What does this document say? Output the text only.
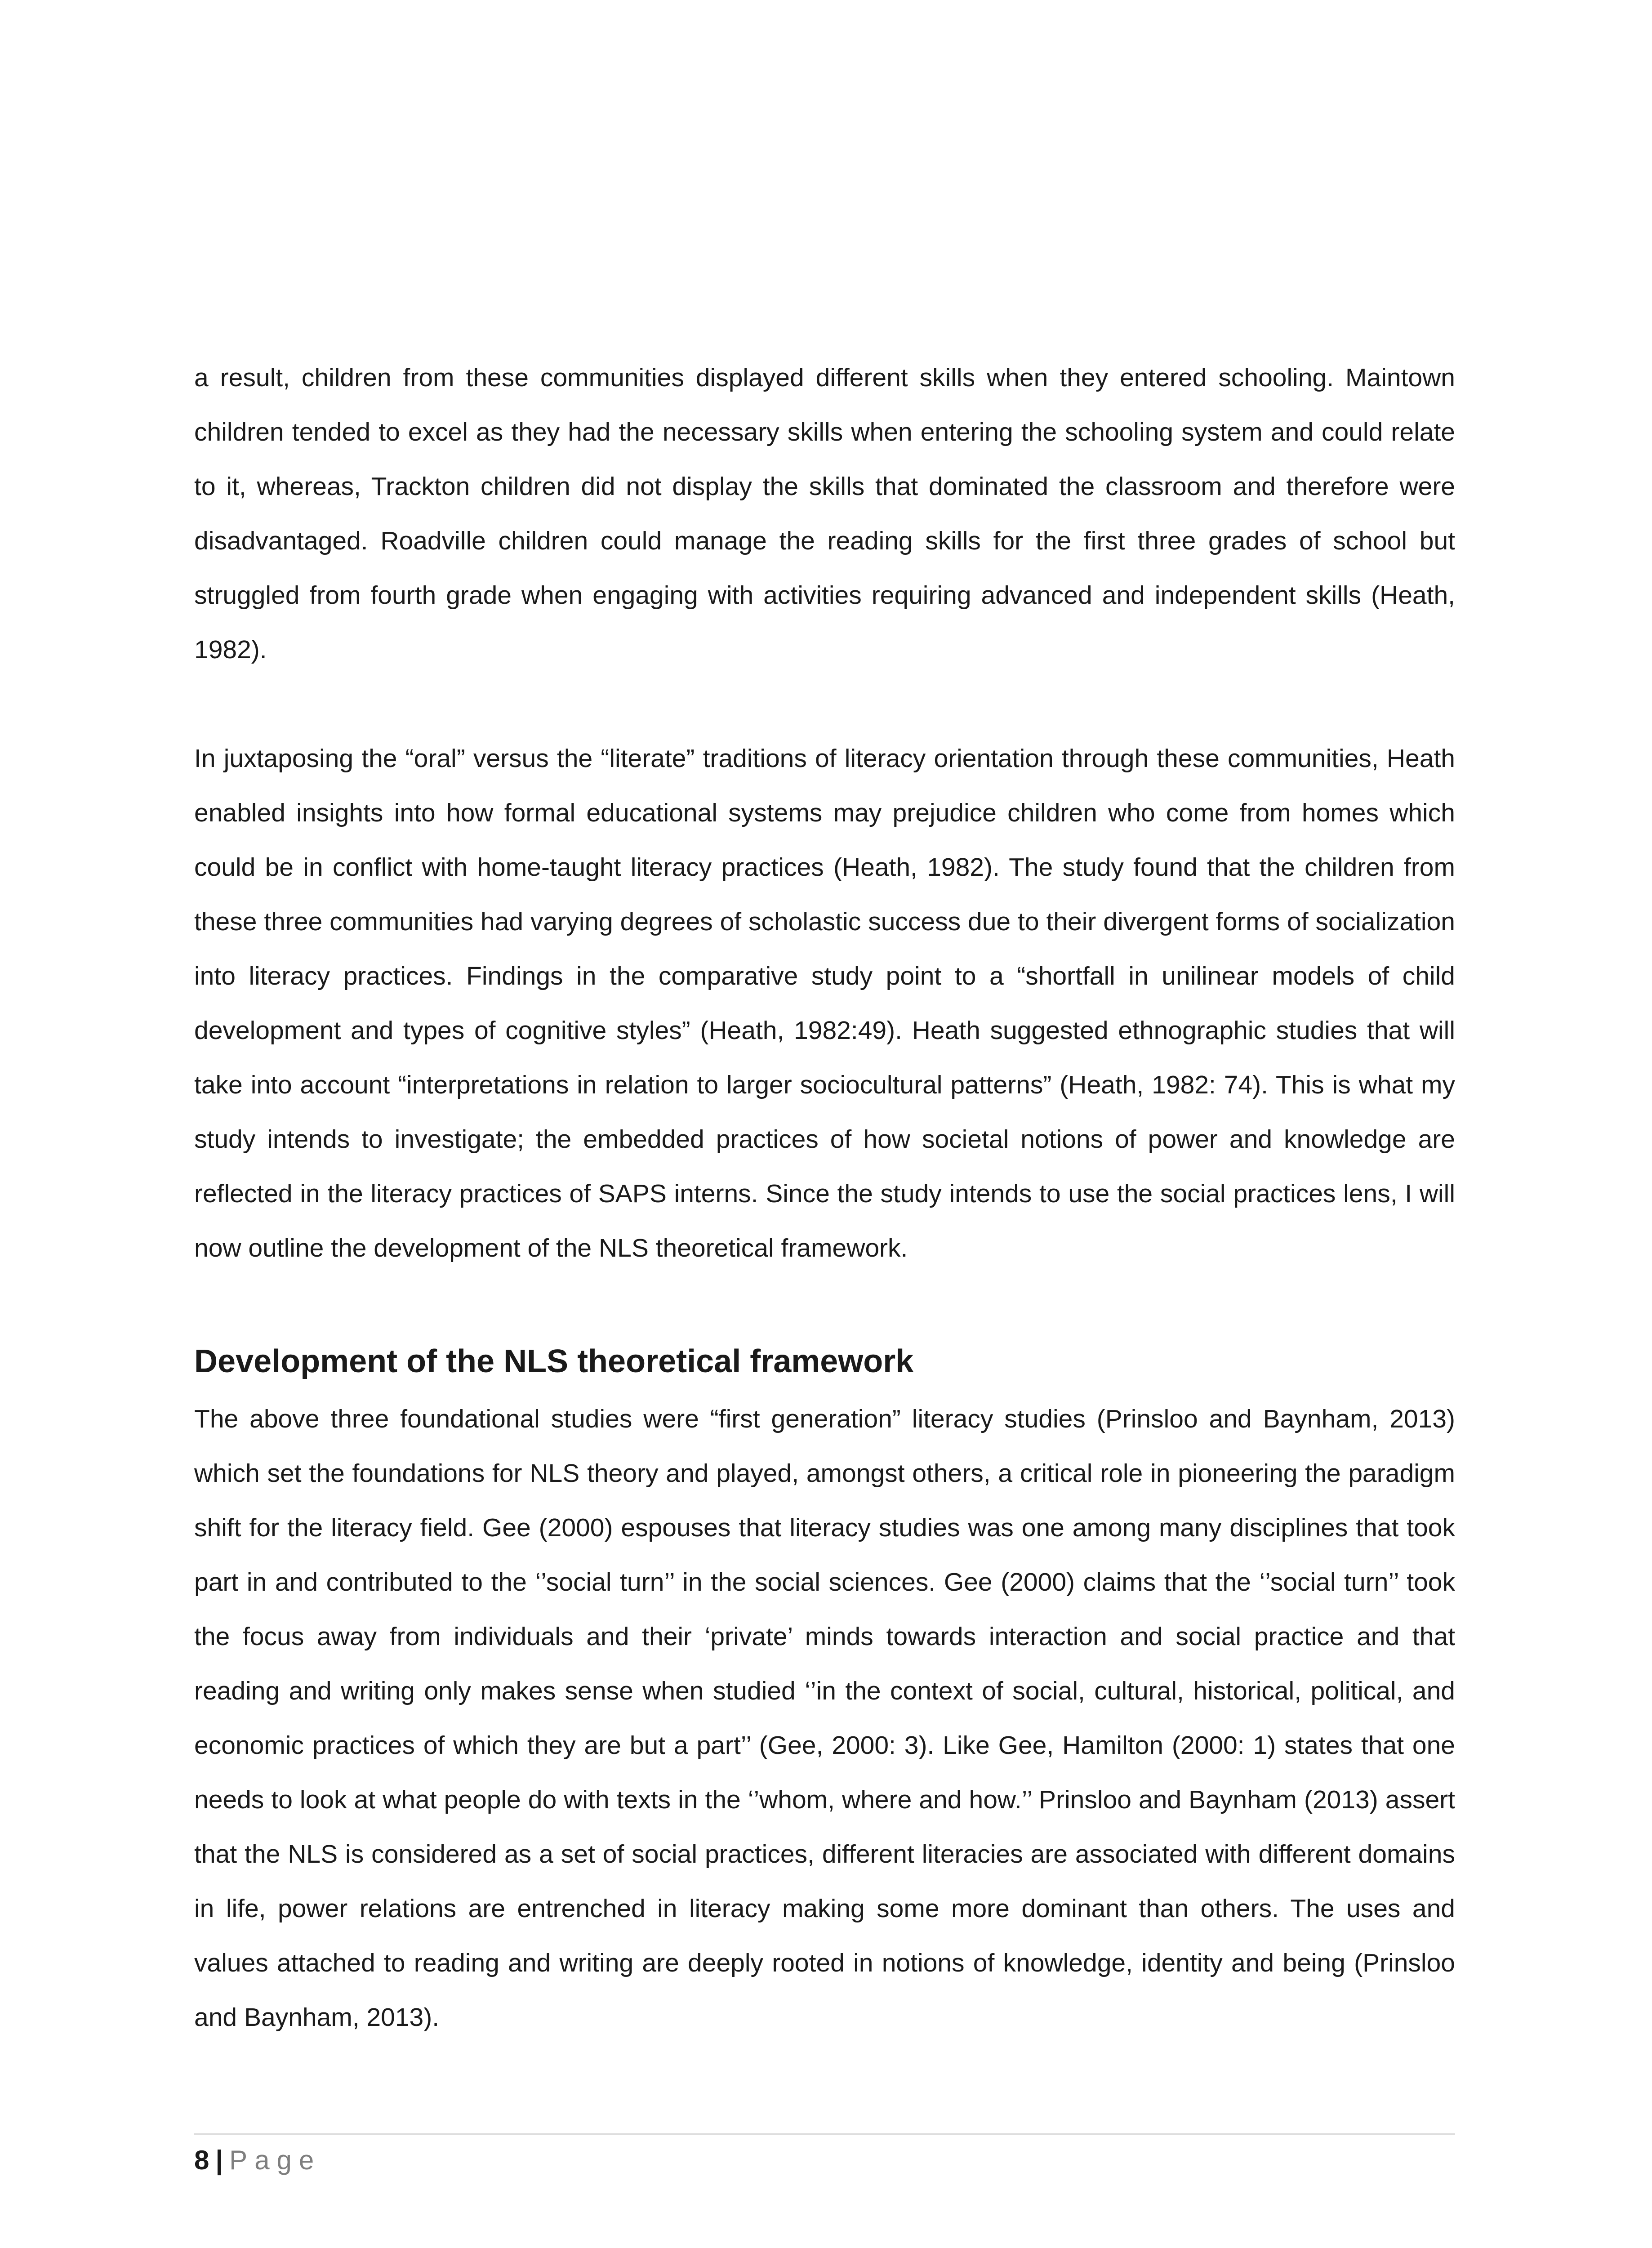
a result, children from these communities displayed different skills when they entered schooling. Maintown children tended to excel as they had the necessary skills when entering the schooling system and could relate to it, whereas, Trackton children did not display the skills that dominated the classroom and therefore were disadvantaged. Roadville children could manage the reading skills for the first three grades of school but struggled from fourth grade when engaging with activities requiring advanced and independent skills (Heath, 1982).

In juxtaposing the “oral” versus the “literate” traditions of literacy orientation through these communities, Heath enabled insights into how formal educational systems may prejudice children who come from homes which could be in conflict with home-taught literacy practices (Heath, 1982). The study found that the children from these three communities had varying degrees of scholastic success due to their divergent forms of socialization into literacy practices. Findings in the comparative study point to a “shortfall in unilinear models of child development and types of cognitive styles” (Heath, 1982:49). Heath suggested ethnographic studies that will take into account “interpretations in relation to larger sociocultural patterns” (Heath, 1982: 74). This is what my study intends to investigate; the embedded practices of how societal notions of power and knowledge are reflected in the literacy practices of SAPS interns. Since the study intends to use the social practices lens, I will now outline the development of the NLS theoretical framework.

Development of the NLS theoretical framework

The above three foundational studies were “first generation” literacy studies (Prinsloo and Baynham, 2013) which set the foundations for NLS theory and played, amongst others, a critical role in pioneering the paradigm shift for the literacy field. Gee (2000) espouses that literacy studies was one among many disciplines that took part in and contributed to the ‘’social turn’’ in the social sciences. Gee (2000) claims that the ‘’social turn’’ took the focus away from individuals and their ‘private’ minds towards interaction and social practice and that reading and writing only makes sense when studied ‘’in the context of social, cultural, historical, political, and economic practices of which they are but a part’’ (Gee, 2000: 3). Like Gee, Hamilton (2000: 1) states that one needs to look at what people do with texts in the ‘’whom, where and how.’’ Prinsloo and Baynham (2013) assert that the NLS is considered as a set of social practices, different literacies are associated with different domains in life, power relations are entrenched in literacy making some more dominant than others. The uses and values attached to reading and writing are deeply rooted in notions of knowledge, identity and being (Prinsloo and Baynham, 2013).

8 | Page
